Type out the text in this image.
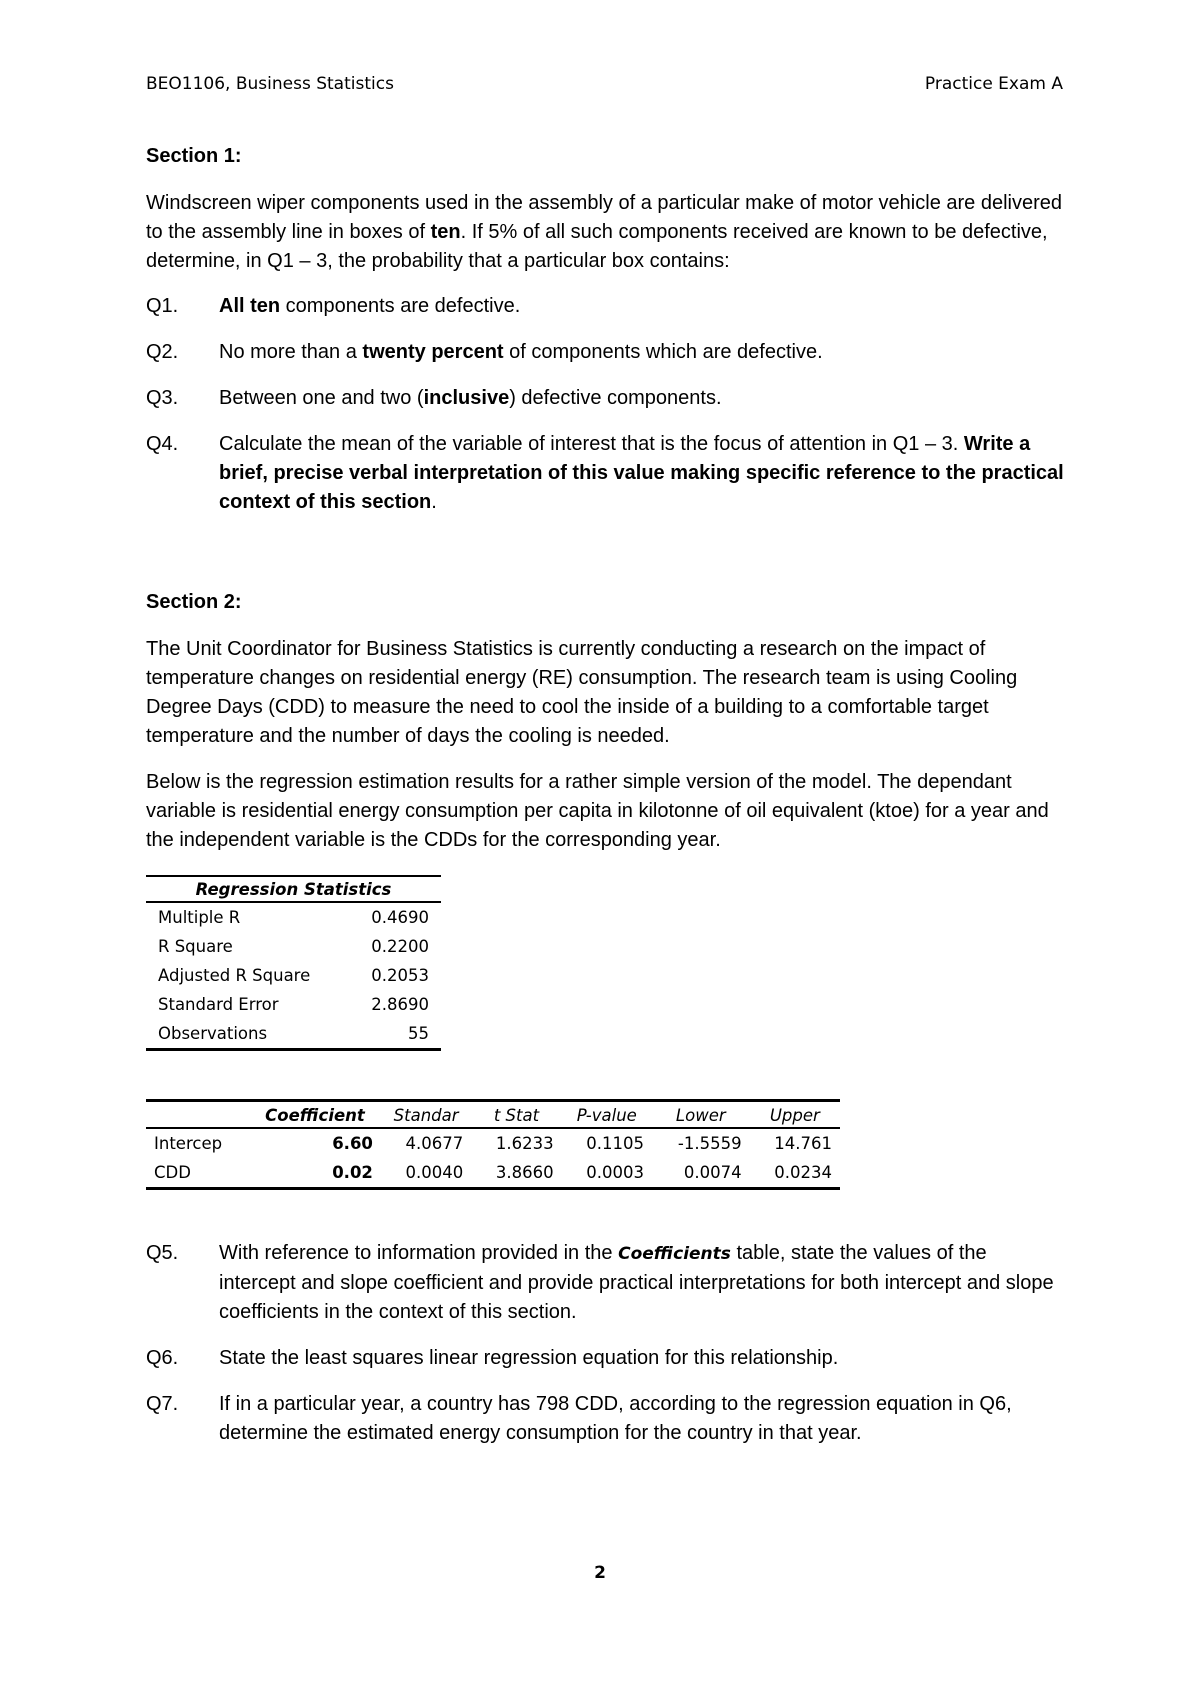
BEO1106, Business Statistics	Practice Exam A

Section 1:

Windscreen wiper components used in the assembly of a particular make of motor vehicle are delivered to the assembly line in boxes of ten. If 5% of all such components received are known to be defective, determine, in Q1 – 3, the probability that a particular box contains:

Q1.	All ten components are defective.
Q2.	No more than a twenty percent of components which are defective.
Q3.	Between one and two (inclusive) defective components.
Q4.	Calculate the mean of the variable of interest that is the focus of attention in Q1 – 3. Write a brief, precise verbal interpretation of this value making specific reference to the practical context of this section.

Section 2:

The Unit Coordinator for Business Statistics is currently conducting a research on the impact of temperature changes on residential energy (RE) consumption. The research team is using Cooling Degree Days (CDD) to measure the need to cool the inside of a building to a comfortable target temperature and the number of days the cooling is needed.

Below is the regression estimation results for a rather simple version of the model. The dependant variable is residential energy consumption per capita in kilotonne of oil equivalent (ktoe) for a year and the independent variable is the CDDs for the corresponding year.

Regression Statistics	
Multiple R	0.4690
R Square	0.2200
Adjusted R Square	0.2053
Standard Error	2.8690
Observations	55
	Coefficient	Standar	t Stat	P-value	Lower	Upper
Intercep	6.60	4.0677	1.6233	0.1105	-1.5559	14.761
CDD	0.02	0.0040	3.8660	0.0003	0.0074	0.0234
Q5.	With reference to information provided in the Coefficients table, state the values of the intercept and slope coefficient and provide practical interpretations for both intercept and slope coefficients in the context of this section.
Q6.	State the least squares linear regression equation for this relationship.
Q7.	If in a particular year, a country has 798 CDD, according to the regression equation in Q6, determine the estimated energy consumption for the country in that year.
2
